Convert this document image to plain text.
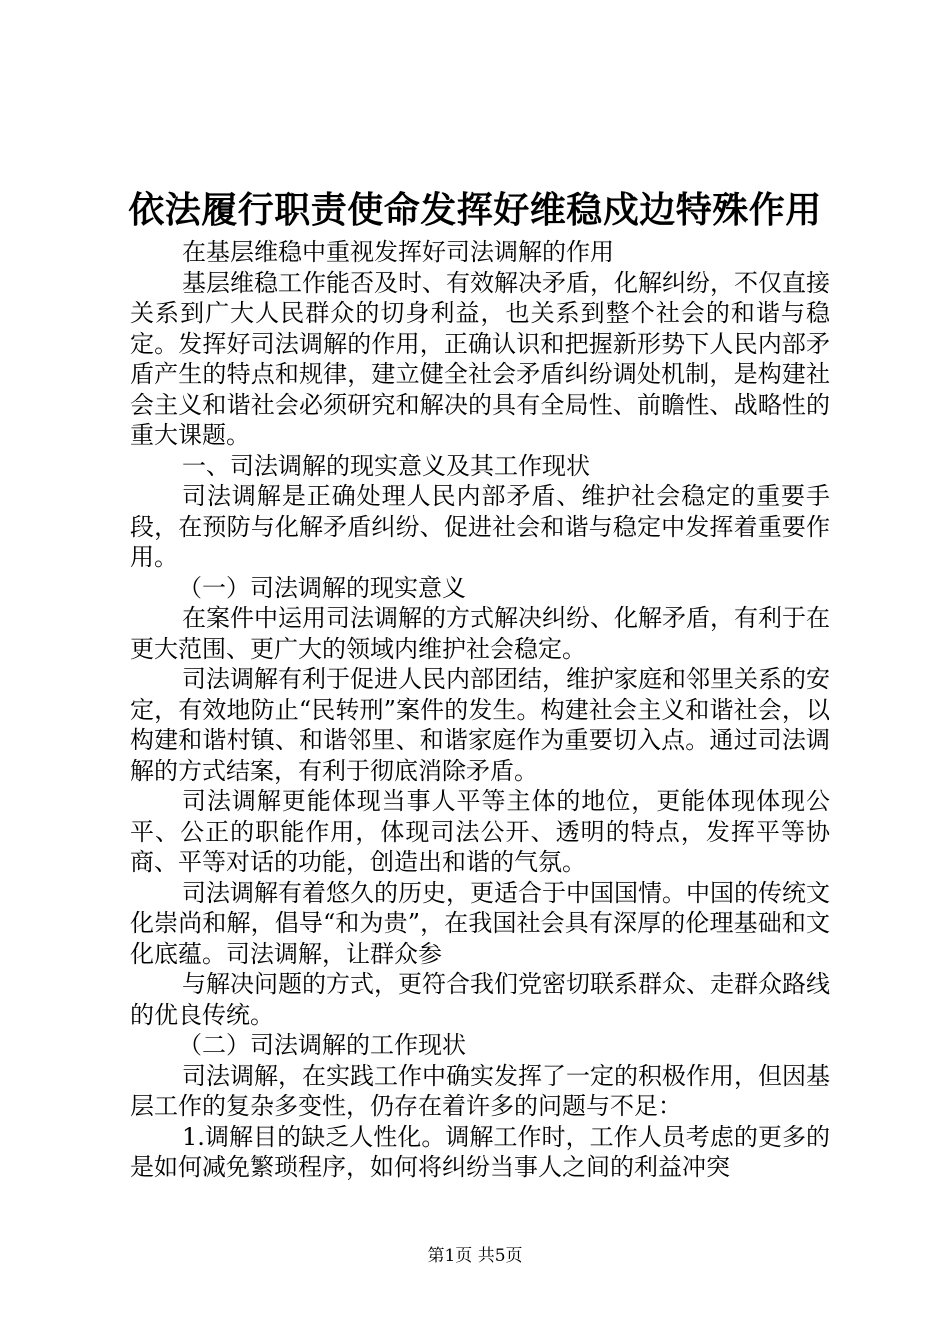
依法履行职责使命发挥好维稳戍边特殊作用

在基层维稳中重视发挥好司法调解的作用

基层维稳工作能否及时、有效解决矛盾，化解纠纷，不仅直接关系到广大人民群众的切身利益，也关系到整个社会的和谐与稳定。发挥好司法调解的作用，正确认识和把握新形势下人民内部矛盾产生的特点和规律，建立健全社会矛盾纠纷调处机制，是构建社会主义和谐社会必须研究和解决的具有全局性、前瞻性、战略性的重大课题。

一、司法调解的现实意义及其工作现状

司法调解是正确处理人民内部矛盾、维护社会稳定的重要手段，在预防与化解矛盾纠纷、促进社会和谐与稳定中发挥着重要作用。

（一）司法调解的现实意义

在案件中运用司法调解的方式解决纠纷、化解矛盾，有利于在更大范围、更广大的领域内维护社会稳定。

司法调解有利于促进人民内部团结，维护家庭和邻里关系的安定，有效地防止“民转刑”案件的发生。构建社会主义和谐社会，以构建和谐村镇、和谐邻里、和谐家庭作为重要切入点。通过司法调解的方式结案，有利于彻底消除矛盾。

司法调解更能体现当事人平等主体的地位，更能体现体现公平、公正的职能作用，体现司法公开、透明的特点，发挥平等协商、平等对话的功能，创造出和谐的气氛。

司法调解有着悠久的历史，更适合于中国国情。中国的传统文化崇尚和解，倡导“和为贵”，在我国社会具有深厚的伦理基础和文化底蕴。司法调解，让群众参

与解决问题的方式，更符合我们党密切联系群众、走群众路线的优良传统。

（二）司法调解的工作现状

司法调解，在实践工作中确实发挥了一定的积极作用，但因基层工作的复杂多变性，仍存在着许多的问题与不足：

1.调解目的缺乏人性化。调解工作时，工作人员考虑的更多的是如何减免繁琐程序，如何将纠纷当事人之间的利益冲突

第1页 共5页
